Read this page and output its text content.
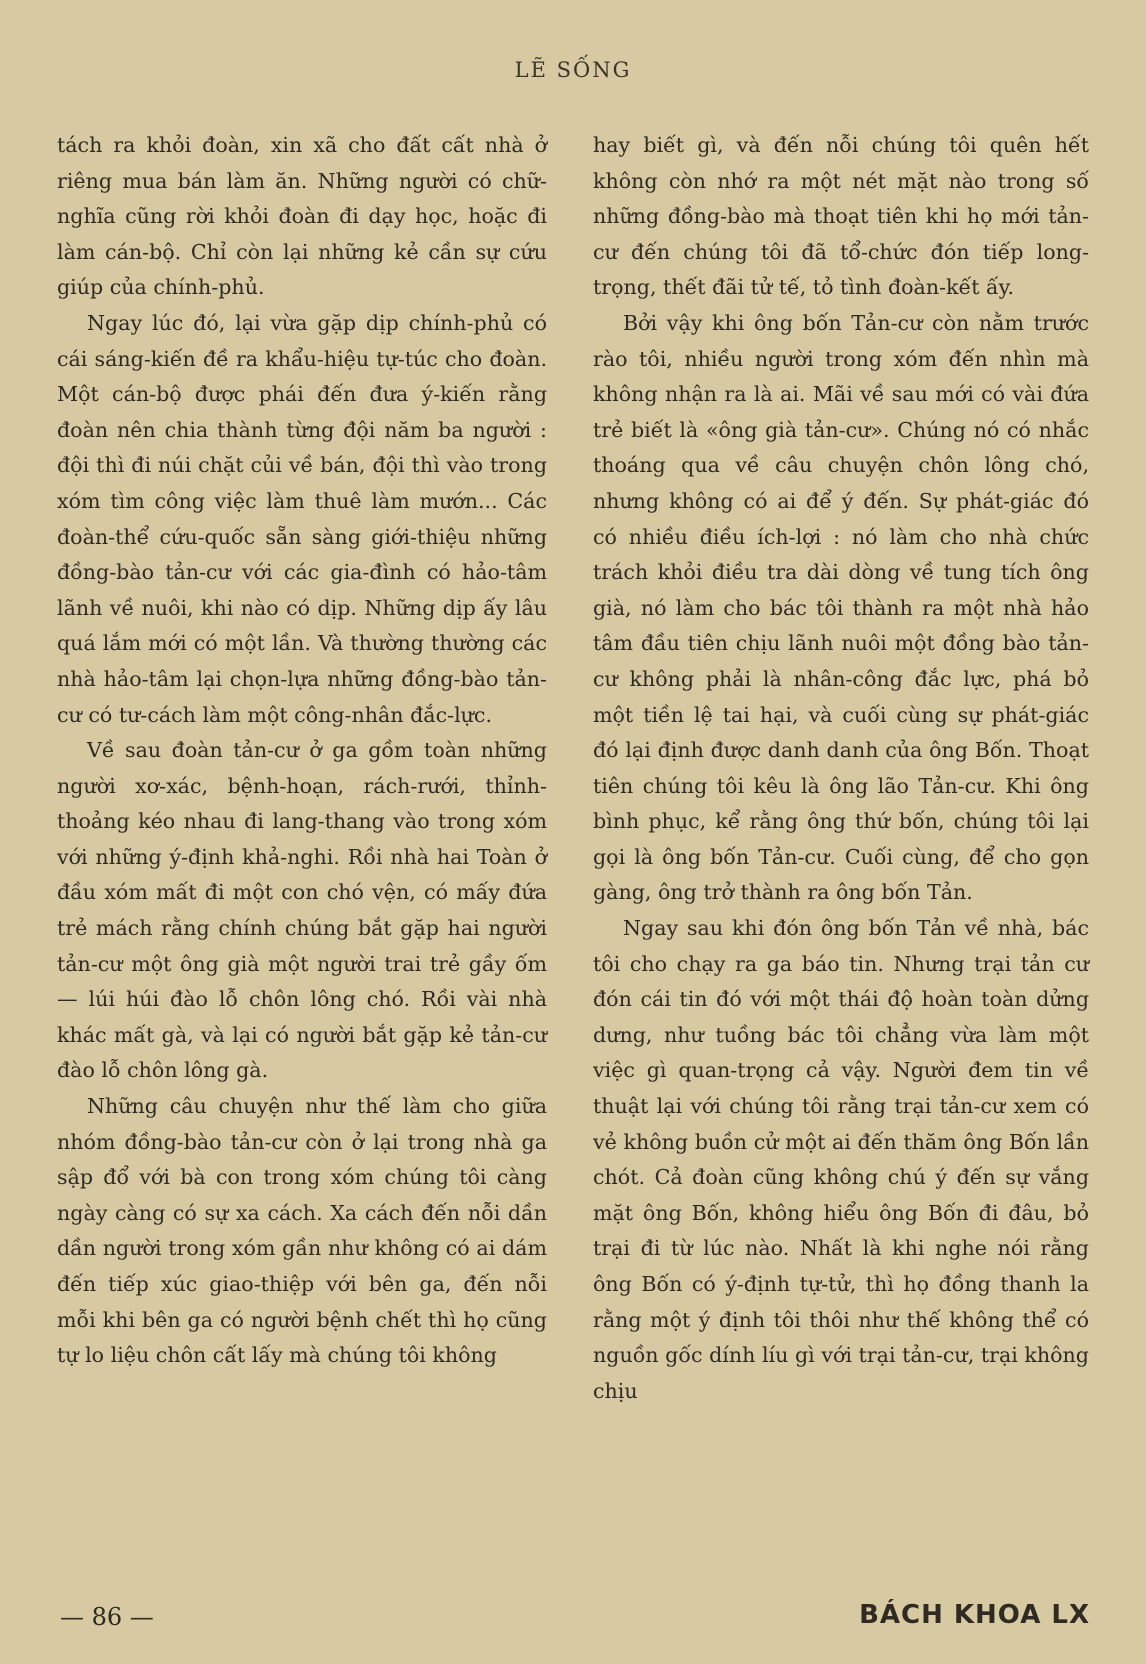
LẼ SỐNG

tách ra khỏi đoàn, xin xã cho đất cất nhà ở riêng mua bán làm ăn. Những người có chữ-nghĩa cũng rời khỏi đoàn đi dạy học, hoặc đi làm cán-bộ. Chỉ còn lại những kẻ cần sự cứu giúp của chính-phủ.

Ngay lúc đó, lại vừa gặp dịp chính-phủ có cái sáng-kiến đề ra khẩu-hiệu tự-túc cho đoàn. Một cán-bộ được phái đến đưa ý-kiến rằng đoàn nên chia thành từng đội năm ba người : đội thì đi núi chặt củi về bán, đội thì vào trong xóm tìm công việc làm thuê làm mướn... Các đoàn-thể cứu-quốc sẵn sàng giới-thiệu những đồng-bào tản-cư với các gia-đình có hảo-tâm lãnh về nuôi, khi nào có dịp. Những dịp ấy lâu quá lắm mới có một lần. Và thường thường các nhà hảo-tâm lại chọn-lựa những đồng-bào tản-cư có tư-cách làm một công-nhân đắc-lực.

Về sau đoàn tản-cư ở ga gồm toàn những người xơ-xác, bệnh-hoạn, rách-rưới, thỉnh-thoảng kéo nhau đi lang-thang vào trong xóm với những ý-định khả-nghi. Rồi nhà hai Toàn ở đầu xóm mất đi một con chó vện, có mấy đứa trẻ mách rằng chính chúng bắt gặp hai người tản-cư một ông già một người trai trẻ gầy ốm — lúi húi đào lỗ chôn lông chó. Rồi vài nhà khác mất gà, và lại có người bắt gặp kẻ tản-cư đào lỗ chôn lông gà.

Những câu chuyện như thế làm cho giữa nhóm đồng-bào tản-cư còn ở lại trong nhà ga sập đổ với bà con trong xóm chúng tôi càng ngày càng có sự xa cách. Xa cách đến nỗi dần dần người trong xóm gần như không có ai dám đến tiếp xúc giao-thiệp với bên ga, đến nỗi mỗi khi bên ga có người bệnh chết thì họ cũng tự lo liệu chôn cất lấy mà chúng tôi không

hay biết gì, và đến nỗi chúng tôi quên hết không còn nhớ ra một nét mặt nào trong số những đồng-bào mà thoạt tiên khi họ mới tản-cư đến chúng tôi đã tổ-chức đón tiếp long-trọng, thết đãi tử tế, tỏ tình đoàn-kết ấy.

Bởi vậy khi ông bốn Tản-cư còn nằm trước rào tôi, nhiều người trong xóm đến nhìn mà không nhận ra là ai. Mãi về sau mới có vài đứa trẻ biết là «ông già tản-cư». Chúng nó có nhắc thoáng qua về câu chuyện chôn lông chó, nhưng không có ai để ý đến. Sự phát-giác đó có nhiều điều ích-lợi : nó làm cho nhà chức trách khỏi điều tra dài dòng về tung tích ông già, nó làm cho bác tôi thành ra một nhà hảo tâm đầu tiên chịu lãnh nuôi một đồng bào tản-cư không phải là nhân-công đắc lực, phá bỏ một tiền lệ tai hại, và cuối cùng sự phát-giác đó lại định được danh danh của ông Bốn. Thoạt tiên chúng tôi kêu là ông lão Tản-cư. Khi ông bình phục, kể rằng ông thứ bốn, chúng tôi lại gọi là ông bốn Tản-cư. Cuối cùng, để cho gọn gàng, ông trở thành ra ông bốn Tản.

Ngay sau khi đón ông bốn Tản về nhà, bác tôi cho chạy ra ga báo tin. Nhưng trại tản cư đón cái tin đó với một thái độ hoàn toàn dửng dưng, như tuồng bác tôi chẳng vừa làm một việc gì quan-trọng cả vậy. Người đem tin về thuật lại với chúng tôi rằng trại tản-cư xem có vẻ không buồn cử một ai đến thăm ông Bốn lần chót. Cả đoàn cũng không chú ý đến sự vắng mặt ông Bốn, không hiểu ông Bốn đi đâu, bỏ trại đi từ lúc nào. Nhất là khi nghe nói rằng ông Bốn có ý-định tự-tử, thì họ đồng thanh la rằng một ý định tôi thôi như thế không thể có nguồn gốc dính líu gì với trại tản-cư, trại không chịu

— 86 —	BÁCH KHOA LX
